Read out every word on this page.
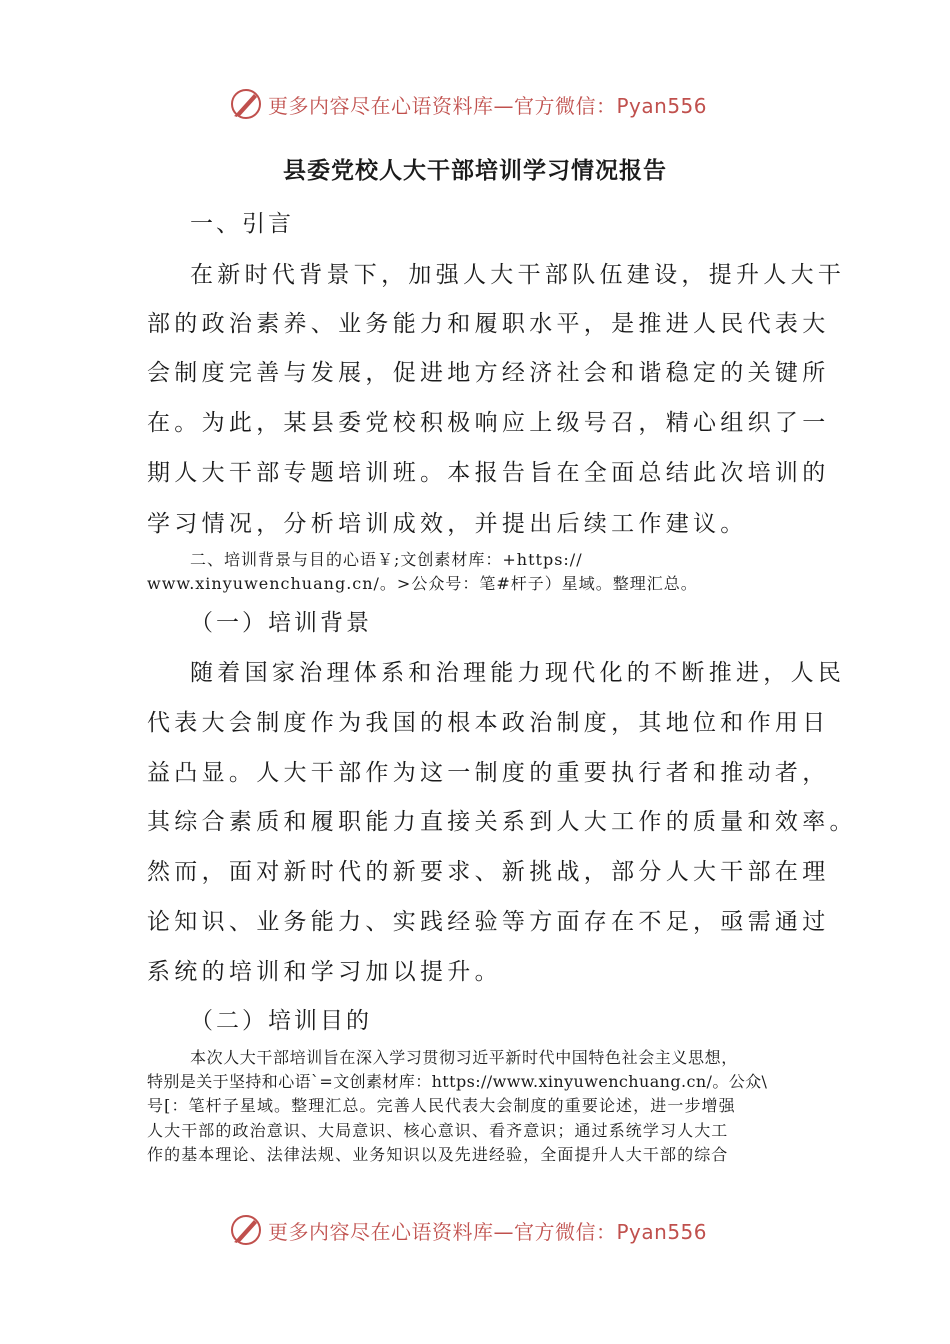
更多内容尽在心语资料库—官方微信：Pyan556
县委党校人大干部培训学习情况报告
一、引言
在新时代背景下，加强人大干部队伍建设，提升人大干
部的政治素养、业务能力和履职水平，是推进人民代表大
会制度完善与发展，促进地方经济社会和谐稳定的关键所
在。为此，某县委党校积极响应上级号召，精心组织了一
期人大干部专题培训班。本报告旨在全面总结此次培训的
学习情况，分析培训成效，并提出后续工作建议。
二、培训背景与目的心语￥;文创素材库：+https://
www.xinyuwenchuang.cn/。>公众号：笔#杆子）星域。整理汇总。
（一）培训背景
随着国家治理体系和治理能力现代化的不断推进，人民
代表大会制度作为我国的根本政治制度，其地位和作用日
益凸显。人大干部作为这一制度的重要执行者和推动者，
其综合素质和履职能力直接关系到人大工作的质量和效率。
然而，面对新时代的新要求、新挑战，部分人大干部在理
论知识、业务能力、实践经验等方面存在不足，亟需通过
系统的培训和学习加以提升。
（二）培训目的
本次人大干部培训旨在深入学习贯彻习近平新时代中国特色社会主义思想，
特别是关于坚持和心语`=文创素材库：https://www.xinyuwenchuang.cn/。公众\
号[：笔杆子星域。整理汇总。完善人民代表大会制度的重要论述，进一步增强
人大干部的政治意识、大局意识、核心意识、看齐意识；通过系统学习人大工
作的基本理论、法律法规、业务知识以及先进经验，全面提升人大干部的综合
更多内容尽在心语资料库—官方微信：Pyan556
